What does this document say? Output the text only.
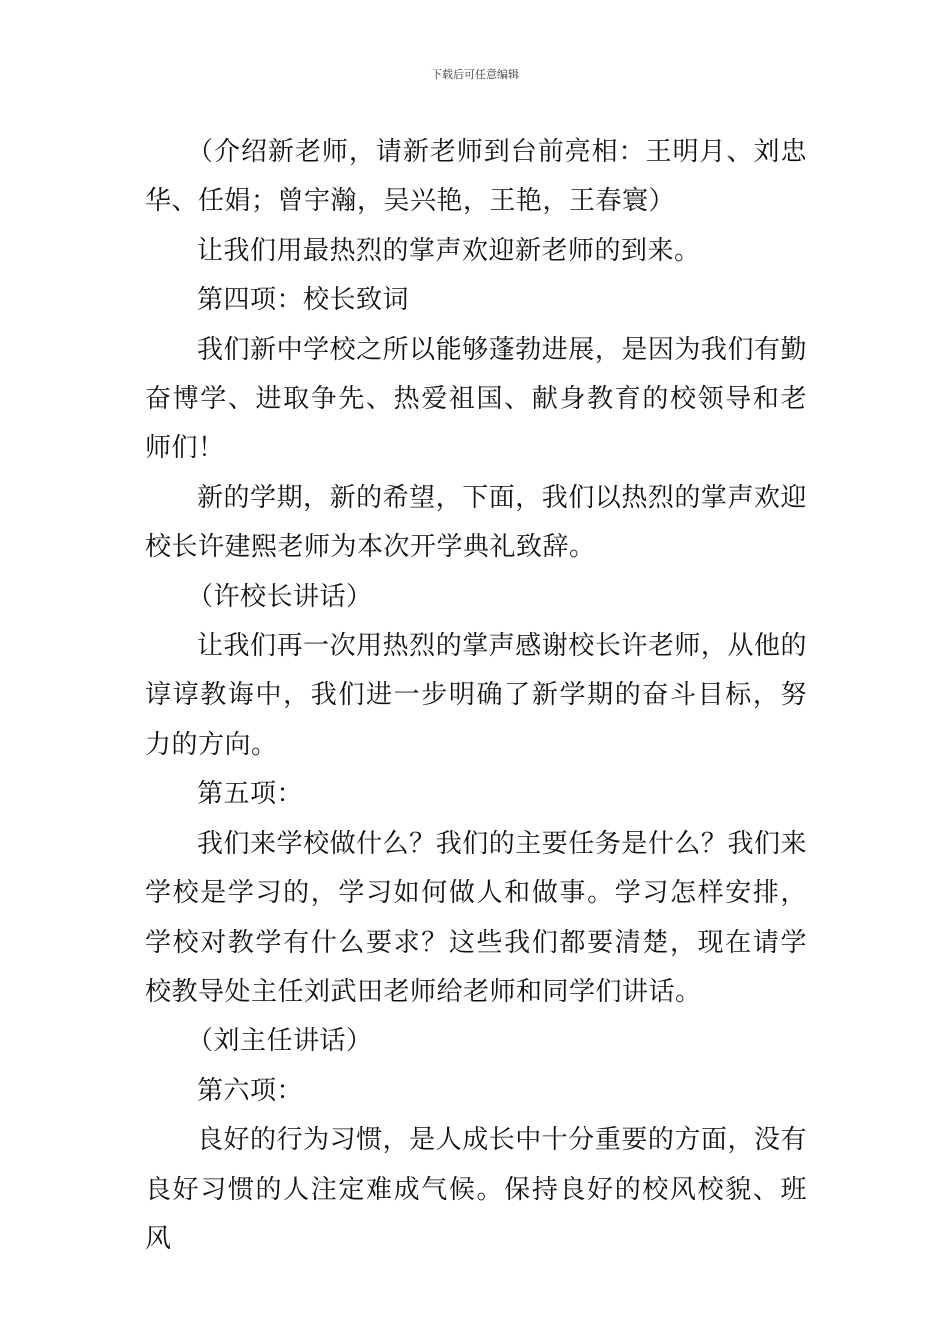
下载后可任意编辑

（介绍新老师，请新老师到台前亮相：王明月、刘忠华、任娟；曾宇瀚，吴兴艳，王艳，王春寰）

让我们用最热烈的掌声欢迎新老师的到来。

第四项：校长致词

我们新中学校之所以能够蓬勃进展，是因为我们有勤奋博学、进取争先、热爱祖国、献身教育的校领导和老师们！

新的学期，新的希望，下面，我们以热烈的掌声欢迎校长许建熙老师为本次开学典礼致辞。

（许校长讲话）

让我们再一次用热烈的掌声感谢校长许老师，从他的谆谆教诲中，我们进一步明确了新学期的奋斗目标，努力的方向。

第五项：

我们来学校做什么？我们的主要任务是什么？我们来学校是学习的，学习如何做人和做事。学习怎样安排，学校对教学有什么要求？这些我们都要清楚，现在请学校教导处主任刘武田老师给老师和同学们讲话。

（刘主任讲话）

第六项：

良好的行为习惯，是人成长中十分重要的方面，没有良好习惯的人注定难成气候。保持良好的校风校貌、班风
